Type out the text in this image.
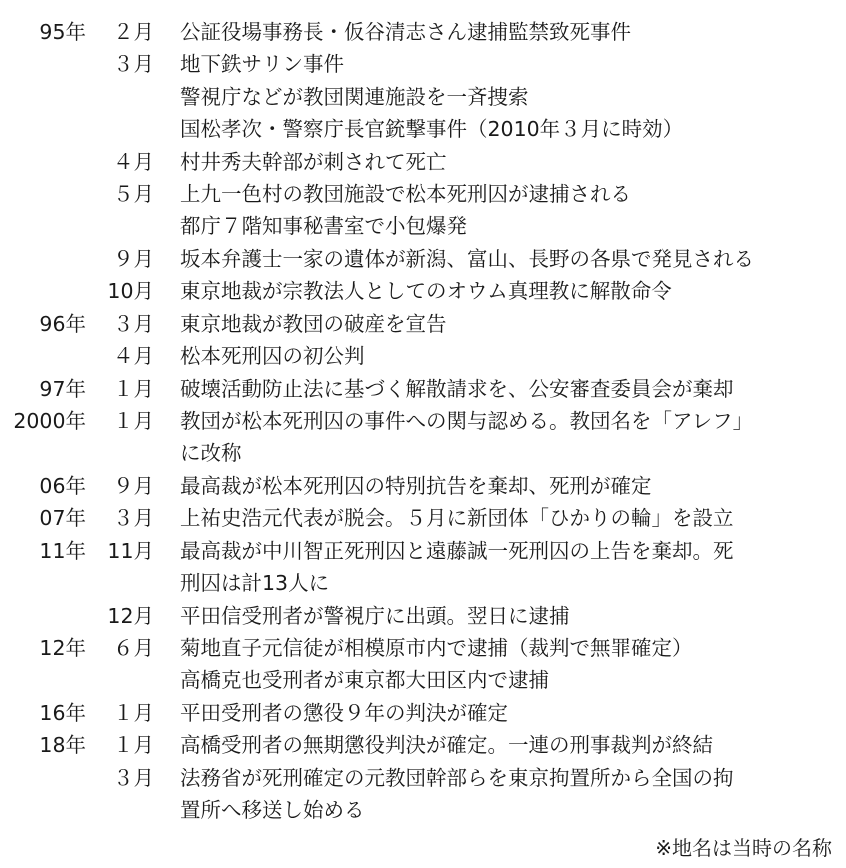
95年 ２月 公証役場事務長・仮谷清志さん逮捕監禁致死事件
３月 地下鉄サリン事件
警視庁などが教団関連施設を一斉捜索
国松孝次・警察庁長官銃撃事件（2010年３月に時効）
４月 村井秀夫幹部が刺されて死亡
５月 上九一色村の教団施設で松本死刑囚が逮捕される
都庁７階知事秘書室で小包爆発
９月 坂本弁護士一家の遺体が新潟、富山、長野の各県で発見される
10月 東京地裁が宗教法人としてのオウム真理教に解散命令
96年 ３月 東京地裁が教団の破産を宣告
４月 松本死刑囚の初公判
97年 １月 破壊活動防止法に基づく解散請求を、公安審査委員会が棄却
2000年 １月 教団が松本死刑囚の事件への関与認める。教団名を「アレフ」
に改称
06年 ９月 最高裁が松本死刑囚の特別抗告を棄却、死刑が確定
07年 ３月 上祐史浩元代表が脱会。５月に新団体「ひかりの輪」を設立
11年 11月 最高裁が中川智正死刑囚と遠藤誠一死刑囚の上告を棄却。死
刑囚は計13人に
12月 平田信受刑者が警視庁に出頭。翌日に逮捕
12年 ６月 菊地直子元信徒が相模原市内で逮捕（裁判で無罪確定）
高橋克也受刑者が東京都大田区内で逮捕
16年 １月 平田受刑者の懲役９年の判決が確定
18年 １月 高橋受刑者の無期懲役判決が確定。一連の刑事裁判が終結
３月 法務省が死刑確定の元教団幹部らを東京拘置所から全国の拘
置所へ移送し始める
※地名は当時の名称
